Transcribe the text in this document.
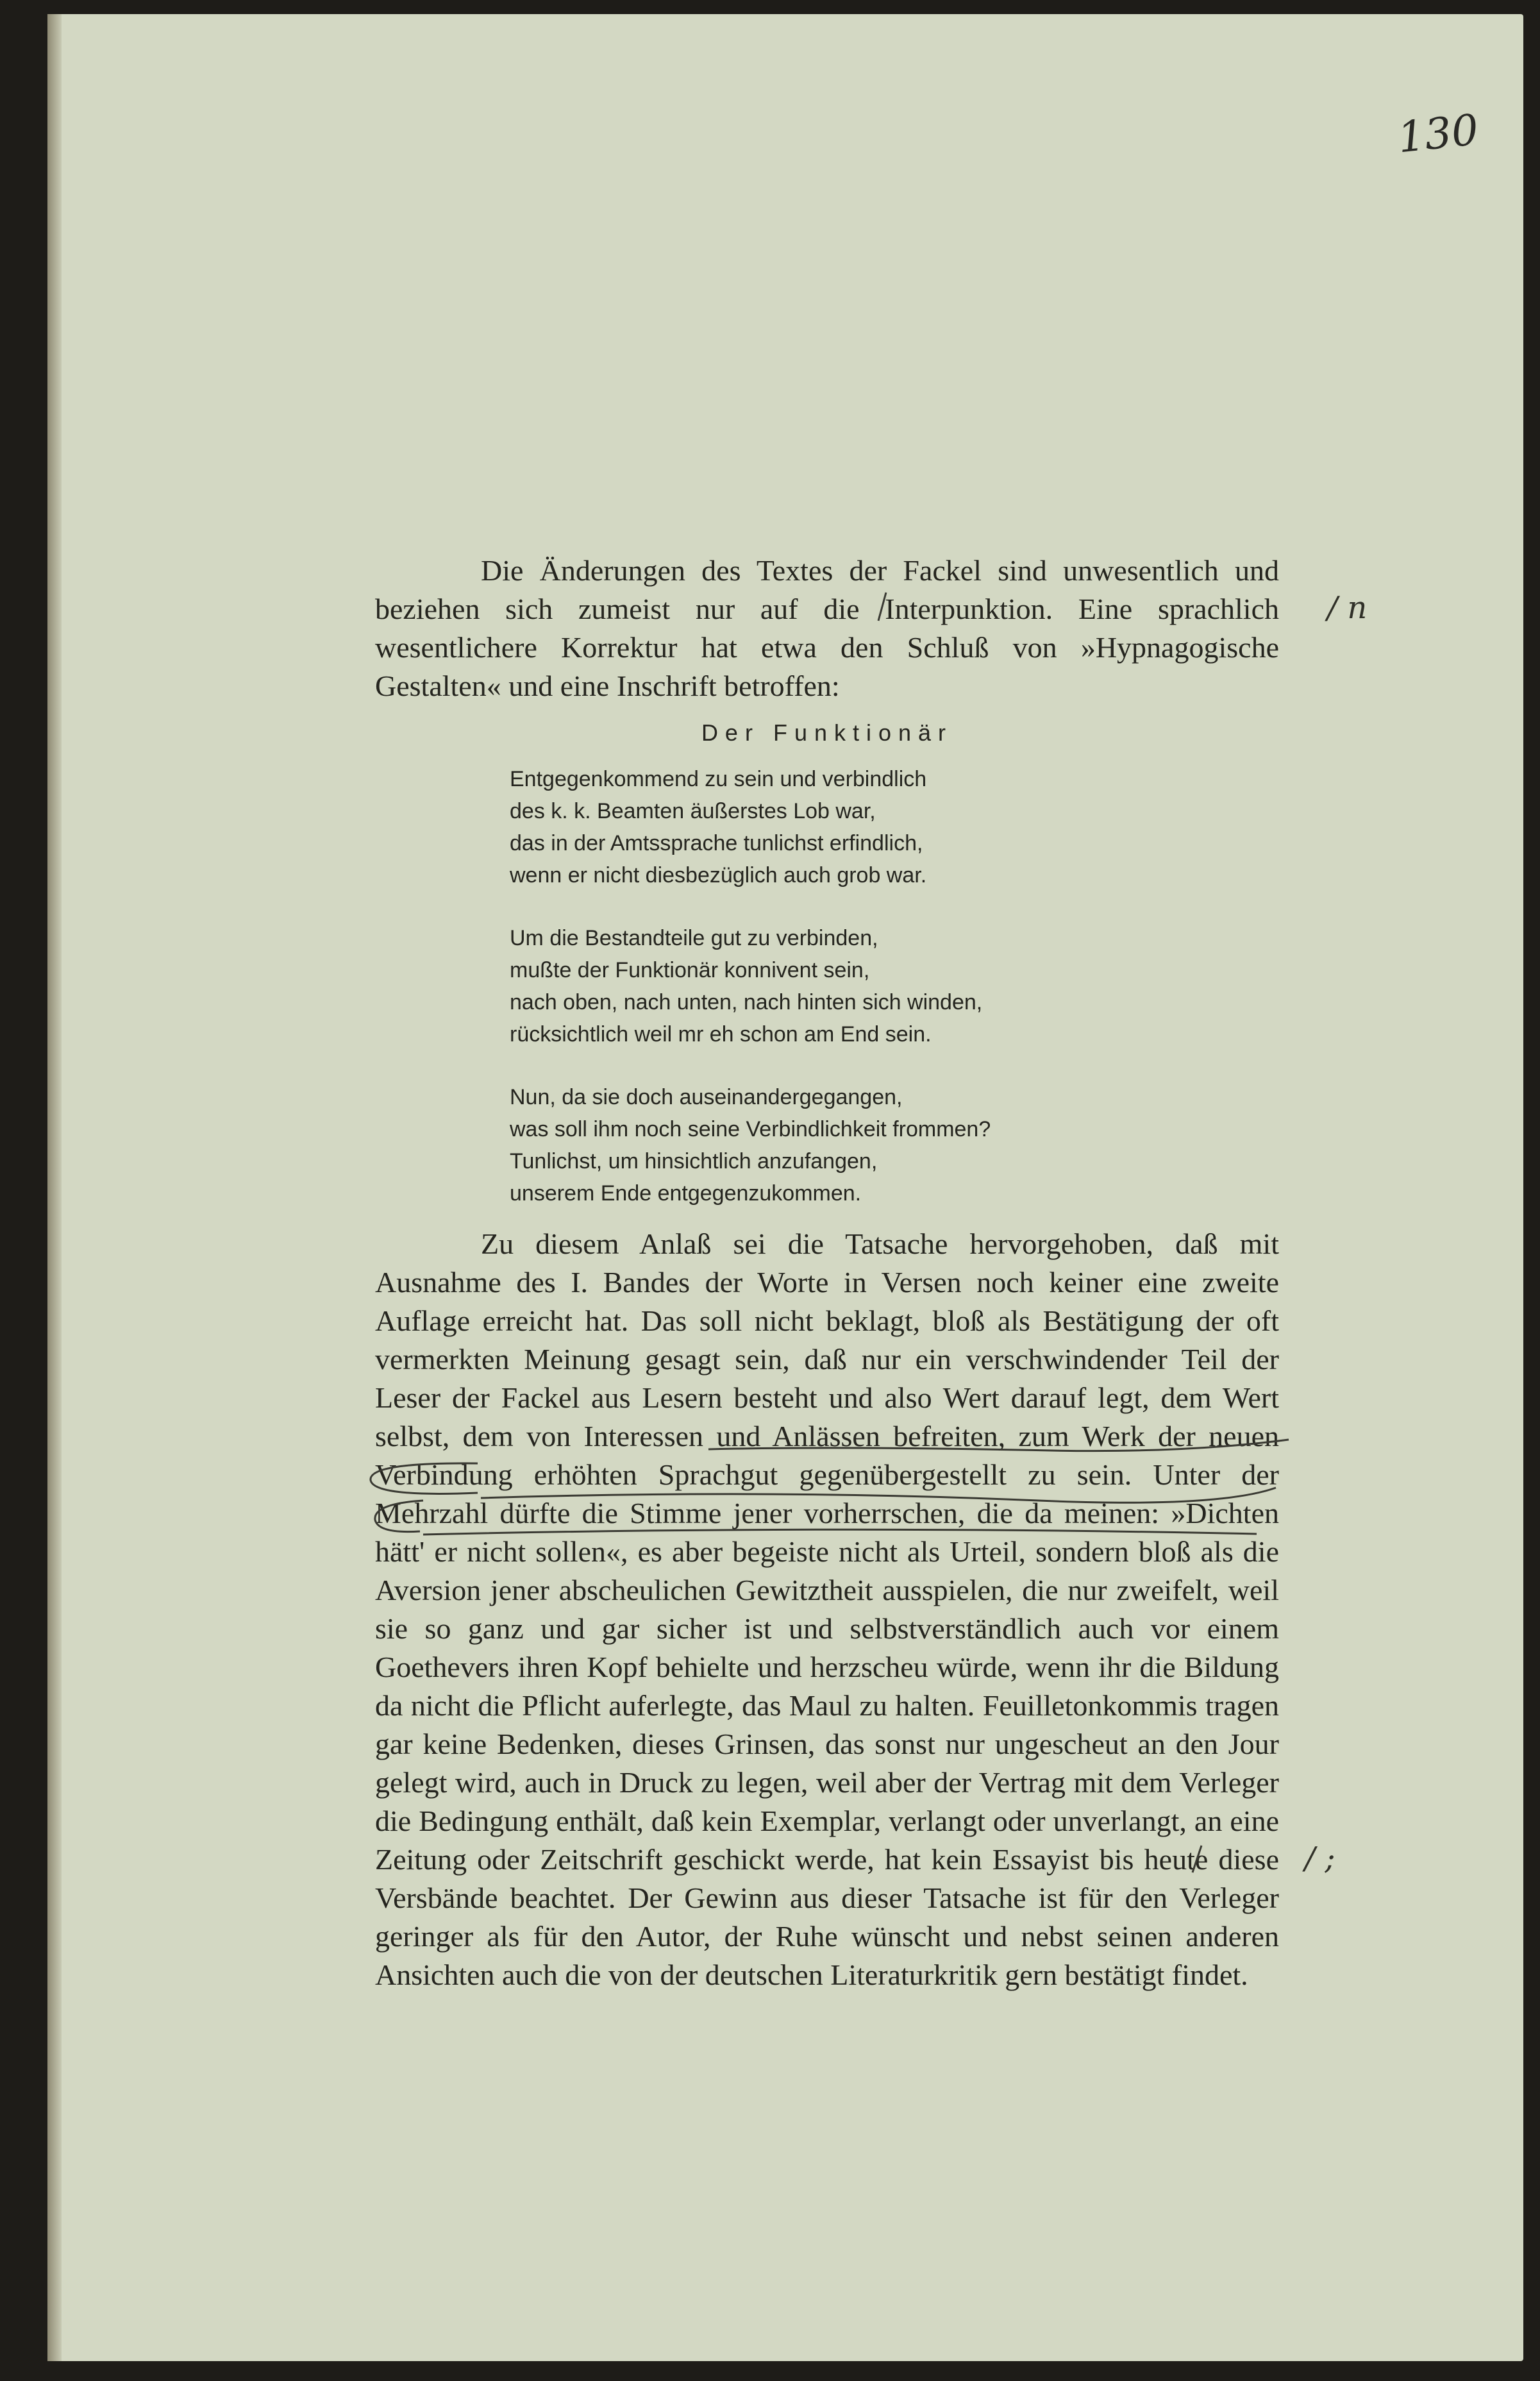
130

Die Änderungen des Textes der Fackel sind unwesentlich und beziehen sich zumeist nur auf die Interpunktion. Eine sprachlich wesentlichere Korrektur hat etwa den Schluß von »Hypnagogische Gestalten« und eine Inschrift betroffen:

Der Funktionär
Entgegenkommend zu sein und verbindlich
des k. k. Beamten äußerstes Lob war,
das in der Amtssprache tunlichst erfindlich,
wenn er nicht diesbezüglich auch grob war.
Um die Bestandteile gut zu verbinden,
mußte der Funktionär konnivent sein,
nach oben, nach unten, nach hinten sich winden,
rücksichtlich weil mr eh schon am End sein.
Nun, da sie doch auseinandergegangen,
was soll ihm noch seine Verbindlichkeit frommen?
Tunlichst, um hinsichtlich anzufangen,
unserem Ende entgegenzukommen.

Zu diesem Anlaß sei die Tatsache hervorgehoben, daß mit Ausnahme des I. Bandes der Worte in Versen noch keiner eine zweite Auflage erreicht hat. Das soll nicht beklagt, bloß als Bestätigung der oft vermerkten Meinung gesagt sein, daß nur ein verschwindender Teil der Leser der Fackel aus Lesern besteht und also Wert darauf legt, dem Wert selbst, dem von Interessen und Anlässen befreiten, zum Werk der neuen Verbindung erhöhten Sprachgut gegenübergestellt zu sein. Unter der Mehrzahl dürfte die Stimme jener vorherrschen, die da meinen: »Dichten hätt' er nicht sollen«, es aber begeiste nicht als Urteil, sondern bloß als die Aversion jener abscheulichen Gewitztheit ausspielen, die nur zweifelt, weil sie so ganz und gar sicher ist und selbstverständlich auch vor einem Goethevers ihren Kopf behielte und herzscheu würde, wenn ihr die Bildung da nicht die Pflicht auferlegte, das Maul zu halten. Feuilletonkommis tragen gar keine Bedenken, dieses Grinsen, das sonst nur ungescheut an den Jour gelegt wird, auch in Druck zu legen, weil aber der Vertrag mit dem Verleger die Bedingung enthält, daß kein Exemplar, verlangt oder unverlangt, an eine Zeitung oder Zeitschrift geschickt werde, hat kein Essayist bis heute diese Versbände beachtet. Der Gewinn aus dieser Tatsache ist für den Verleger geringer als für den Autor, der Ruhe wünscht und nebst seinen anderen Ansichten auch die von der deutschen Literaturkritik gern bestätigt findet.

/ n
/ ;
